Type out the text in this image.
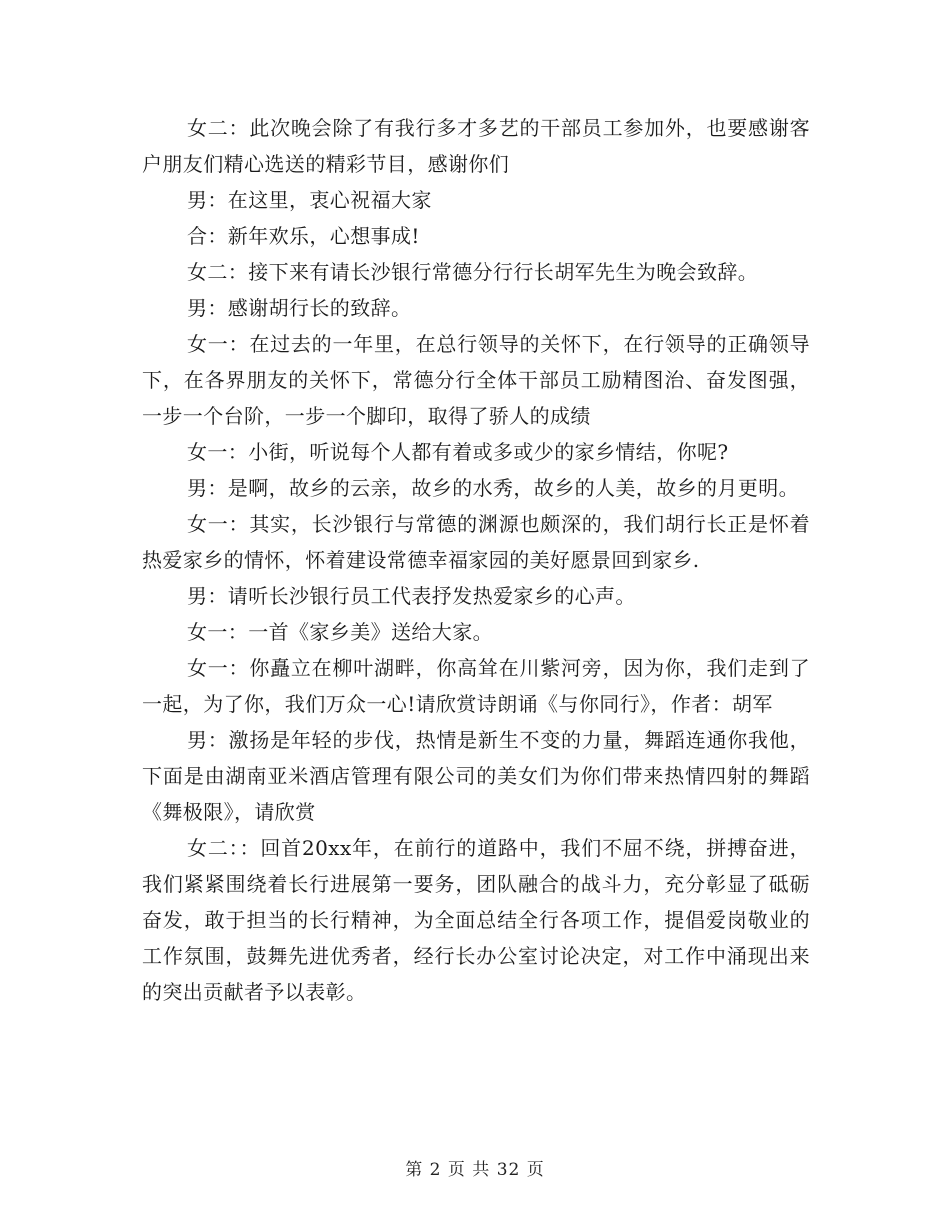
女二：此次晚会除了有我行多才多艺的干部员工参加外，也要感谢客户朋友们精心选送的精彩节目，感谢你们

男：在这里，衷心祝福大家

合：新年欢乐，心想事成!

女二：接下来有请长沙银行常德分行行长胡军先生为晚会致辞。

男：感谢胡行长的致辞。

女一：在过去的一年里，在总行领导的关怀下，在行领导的正确领导下，在各界朋友的关怀下，常德分行全体干部员工励精图治、奋发图强，一步一个台阶，一步一个脚印，取得了骄人的成绩

女一：小街，听说每个人都有着或多或少的家乡情结，你呢?

男：是啊，故乡的云亲，故乡的水秀，故乡的人美，故乡的月更明。

女一：其实，长沙银行与常德的渊源也颇深的，我们胡行长正是怀着热爱家乡的情怀，怀着建设常德幸福家园的美好愿景回到家乡.

男：请听长沙银行员工代表抒发热爱家乡的心声。

女一：一首《家乡美》送给大家。

女一：你矗立在柳叶湖畔，你高耸在川紫河旁，因为你，我们走到了一起，为了你，我们万众一心!请欣赏诗朗诵《与你同行》，作者：胡军

男：激扬是年轻的步伐，热情是新生不变的力量，舞蹈连通你我他，下面是由湖南亚米酒店管理有限公司的美女们为你们带来热情四射的舞蹈《舞极限》，请欣赏

女二：：回首20xx年，在前行的道路中，我们不屈不绕，拼搏奋进，我们紧紧围绕着长行进展第一要务，团队融合的战斗力，充分彰显了砥砺奋发，敢于担当的长行精神，为全面总结全行各项工作，提倡爱岗敬业的工作氛围，鼓舞先进优秀者，经行长办公室讨论决定，对工作中涌现出来的突出贡献者予以表彰。

第 2 页 共 32 页
